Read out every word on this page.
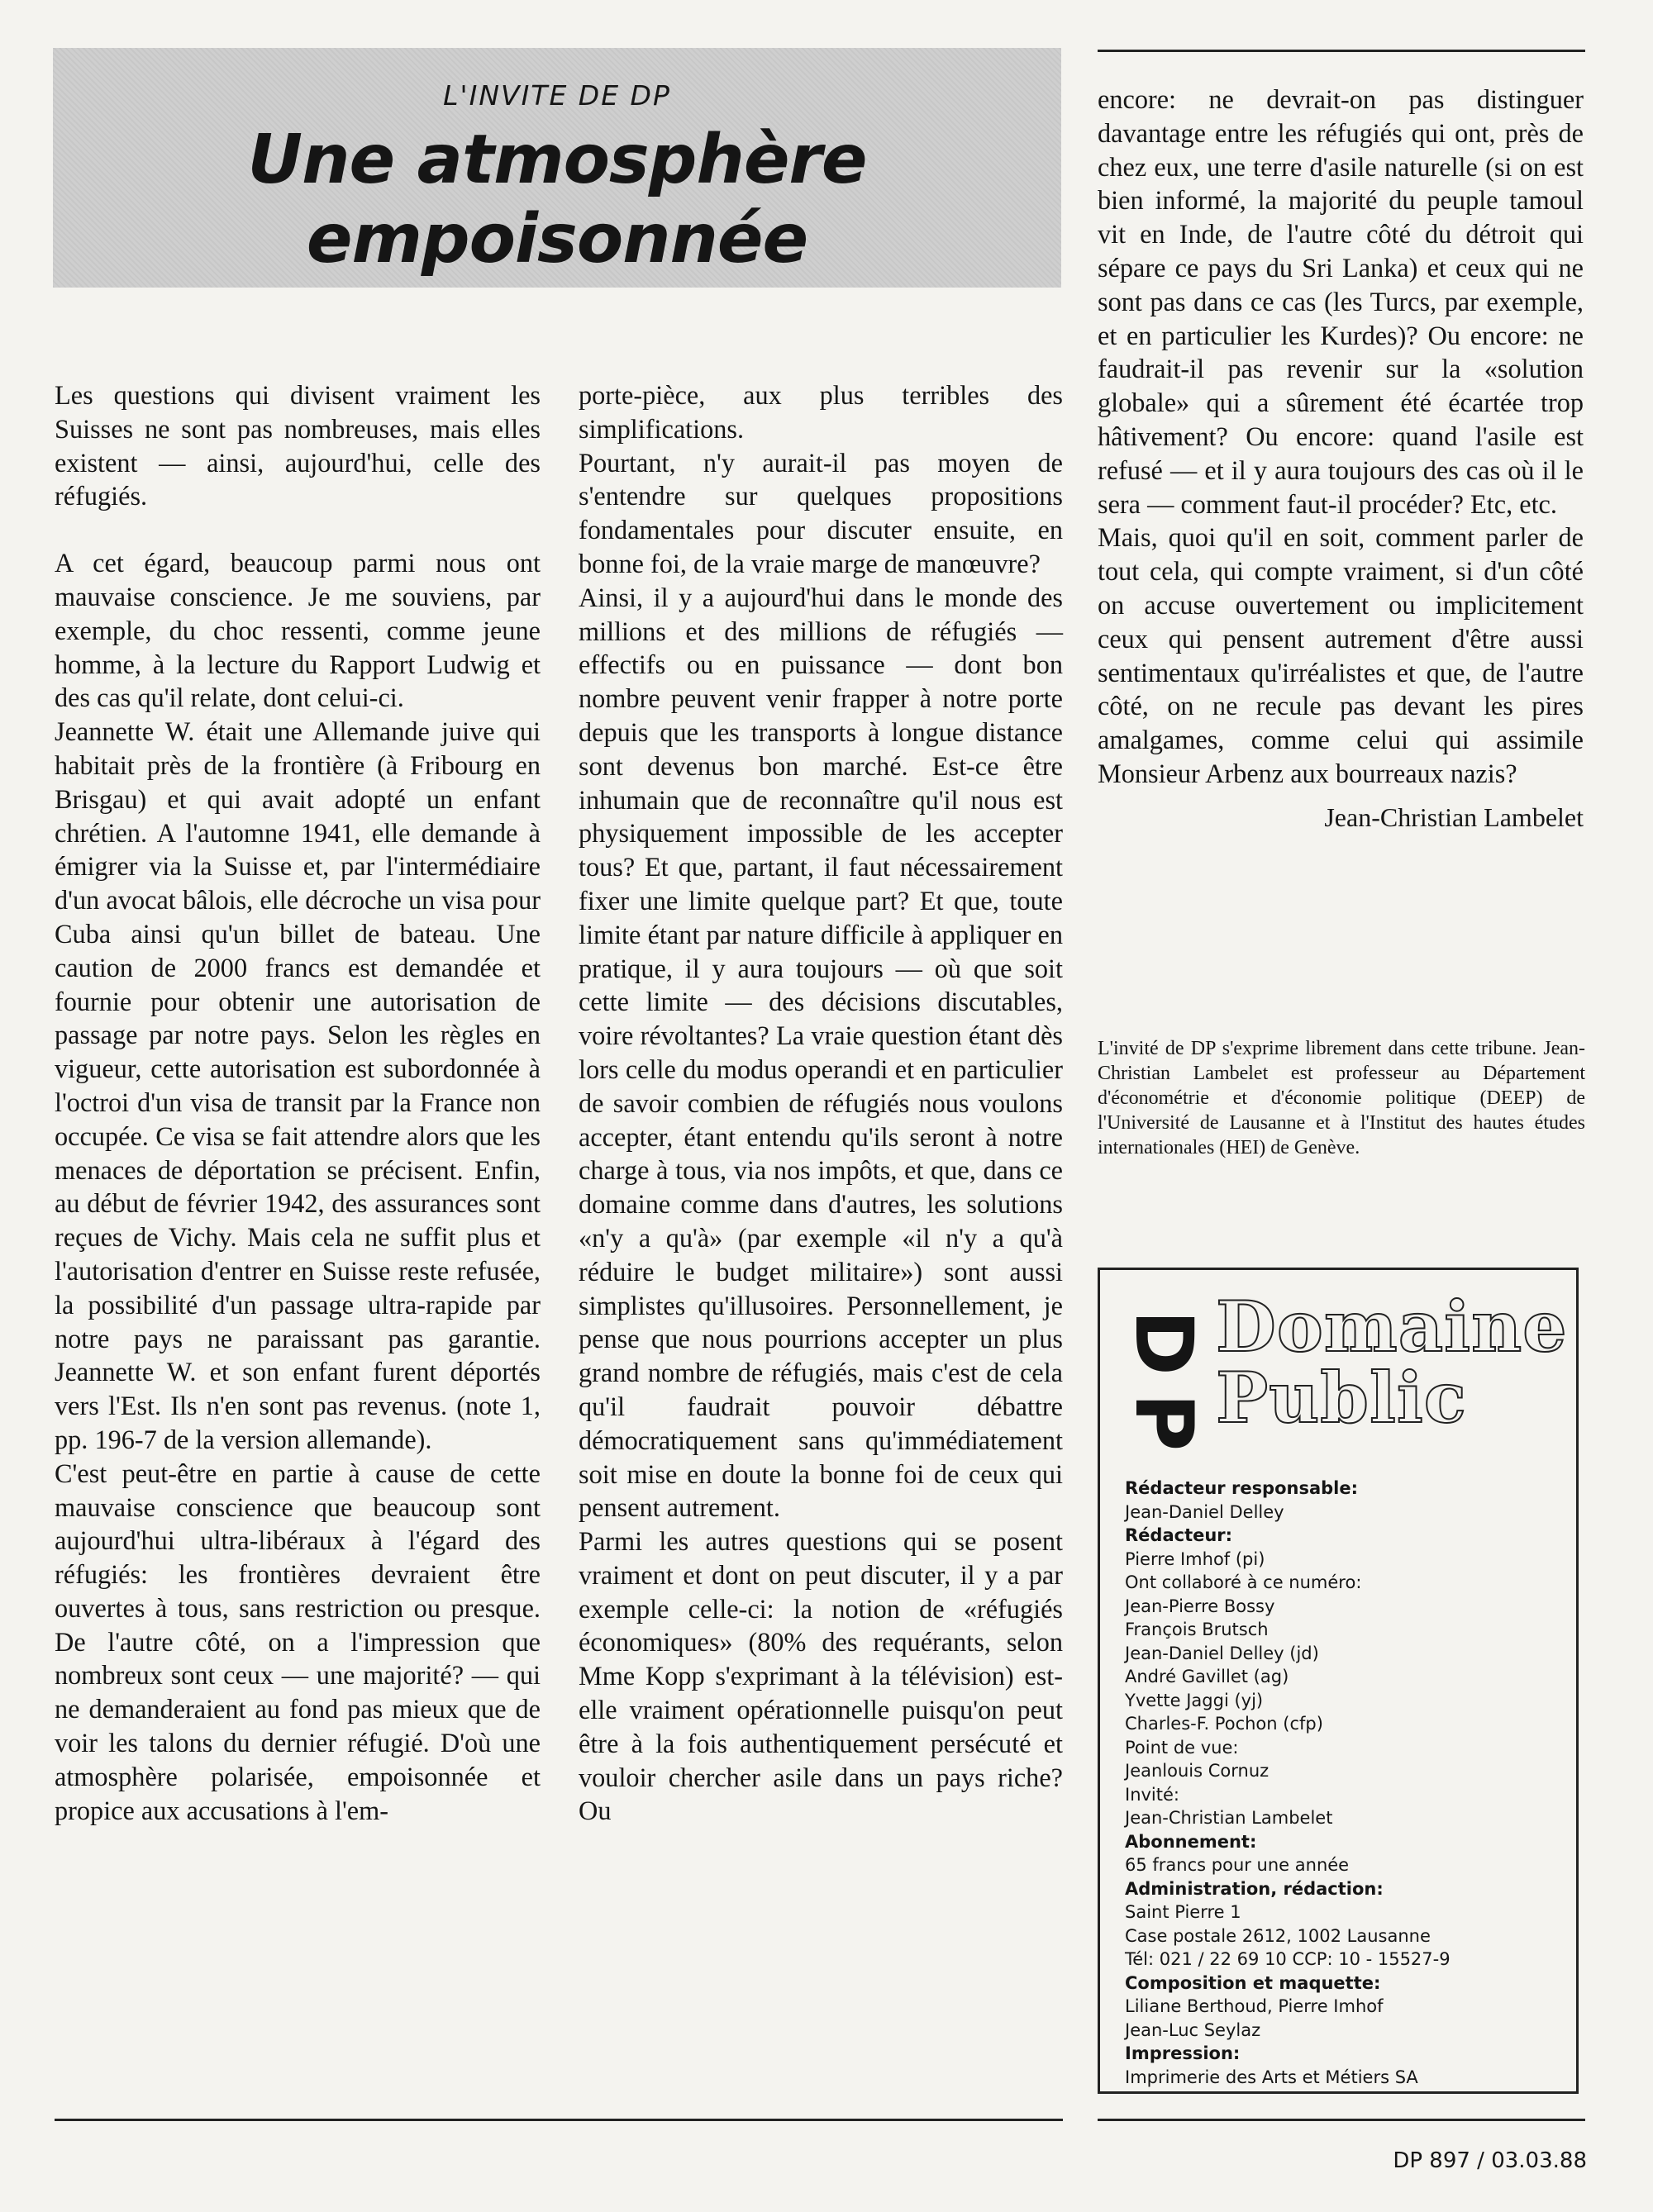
L'INVITE DE DP
Une atmosphère
empoisonnée

Les questions qui divisent vraiment les Suisses ne sont pas nombreuses, mais elles existent — ainsi, aujourd'hui, celle des réfugiés.

A cet égard, beaucoup parmi nous ont mauvaise conscience. Je me souviens, par exemple, du choc ressenti, comme jeune homme, à la lecture du Rapport Ludwig et des cas qu'il relate, dont celui-ci.

Jeannette W. était une Allemande juive qui habitait près de la frontière (à Fribourg en Brisgau) et qui avait adopté un enfant chrétien. A l'automne 1941, elle demande à émigrer via la Suisse et, par l'intermédiaire d'un avocat bâlois, elle décroche un visa pour Cuba ainsi qu'un billet de bateau. Une caution de 2000 francs est demandée et fournie pour obtenir une autorisation de passage par notre pays. Selon les règles en vigueur, cette autorisation est subordonnée à l'octroi d'un visa de transit par la France non occupée. Ce visa se fait attendre alors que les menaces de déportation se précisent. Enfin, au début de février 1942, des assurances sont reçues de Vichy. Mais cela ne suffit plus et l'autorisation d'entrer en Suisse reste refusée, la possibilité d'un passage ultra-rapide par notre pays ne paraissant pas garantie. Jeannette W. et son enfant furent déportés vers l'Est. Ils n'en sont pas revenus. (note 1, pp. 196-7 de la version allemande).

C'est peut-être en partie à cause de cette mauvaise conscience que beaucoup sont aujourd'hui ultra-libéraux à l'égard des réfugiés: les frontières devraient être ouvertes à tous, sans restriction ou presque. De l'autre côté, on a l'impression que nombreux sont ceux — une majorité? — qui ne demanderaient au fond pas mieux que de voir les talons du dernier réfugié. D'où une atmosphère polarisée, empoisonnée et propice aux accusations à l'em-

porte-pièce, aux plus terribles des simplifications.

Pourtant, n'y aurait-il pas moyen de s'entendre sur quelques propositions fondamentales pour discuter ensuite, en bonne foi, de la vraie marge de manœuvre?

Ainsi, il y a aujourd'hui dans le monde des millions et des millions de réfugiés — effectifs ou en puissance — dont bon nombre peuvent venir frapper à notre porte depuis que les transports à longue distance sont devenus bon marché. Est-ce être inhumain que de reconnaître qu'il nous est physiquement impossible de les accepter tous? Et que, partant, il faut nécessairement fixer une limite quelque part? Et que, toute limite étant par nature difficile à appliquer en pratique, il y aura toujours — où que soit cette limite — des décisions discutables, voire révoltantes? La vraie question étant dès lors celle du modus operandi et en particulier de savoir combien de réfugiés nous voulons accepter, étant entendu qu'ils seront à notre charge à tous, via nos impôts, et que, dans ce domaine comme dans d'autres, les solutions «n'y a qu'à» (par exemple «il n'y a qu'à réduire le budget militaire») sont aussi simplistes qu'illusoires. Personnellement, je pense que nous pourrions accepter un plus grand nombre de réfugiés, mais c'est de cela qu'il faudrait pouvoir débattre démocratiquement sans qu'immédiatement soit mise en doute la bonne foi de ceux qui pensent autrement.

Parmi les autres questions qui se posent vraiment et dont on peut discuter, il y a par exemple celle-ci: la notion de «réfugiés économiques» (80% des requérants, selon Mme Kopp s'exprimant à la télévision) est-elle vraiment opérationnelle puisqu'on peut être à la fois authentiquement persécuté et vouloir chercher asile dans un pays riche? Ou

encore: ne devrait-on pas distinguer davantage entre les réfugiés qui ont, près de chez eux, une terre d'asile naturelle (si on est bien informé, la majorité du peuple tamoul vit en Inde, de l'autre côté du détroit qui sépare ce pays du Sri Lanka) et ceux qui ne sont pas dans ce cas (les Turcs, par exemple, et en particulier les Kurdes)? Ou encore: ne faudrait-il pas revenir sur la «solution globale» qui a sûrement été écartée trop hâtivement? Ou encore: quand l'asile est refusé — et il y aura toujours des cas où il le sera — comment faut-il procéder? Etc, etc.

Mais, quoi qu'il en soit, comment parler de tout cela, qui compte vraiment, si d'un côté on accuse ouvertement ou implicitement ceux qui pensent autrement d'être aussi sentimentaux qu'irréalistes et que, de l'autre côté, on ne recule pas devant les pires amalgames, comme celui qui assimile Monsieur Arbenz aux bourreaux nazis?

Jean-Christian Lambelet
L'invité de DP s'exprime librement dans cette tribune. Jean-Christian Lambelet est professeur au Département d'économétrie et d'économie politique (DEEP) de l'Université de Lausanne et à l'Institut des hautes études internationales (HEI) de Genève.
D
P
Domaine
Public
Rédacteur responsable:
Jean-Daniel Delley
Rédacteur:
Pierre Imhof (pi)
Ont collaboré à ce numéro:
Jean-Pierre Bossy
François Brutsch
Jean-Daniel Delley (jd)
André Gavillet (ag)
Yvette Jaggi (yj)
Charles-F. Pochon (cfp)
Point de vue:
Jeanlouis Cornuz
Invité:
Jean-Christian Lambelet
Abonnement:
65 francs pour une année
Administration, rédaction:
Saint Pierre 1
Case postale 2612, 1002 Lausanne
Tél: 021 / 22 69 10 CCP: 10 - 15527-9
Composition et maquette:
Liliane Berthoud, Pierre Imhof
Jean-Luc Seylaz
Impression:
Imprimerie des Arts et Métiers SA
DP 897 / 03.03.88
